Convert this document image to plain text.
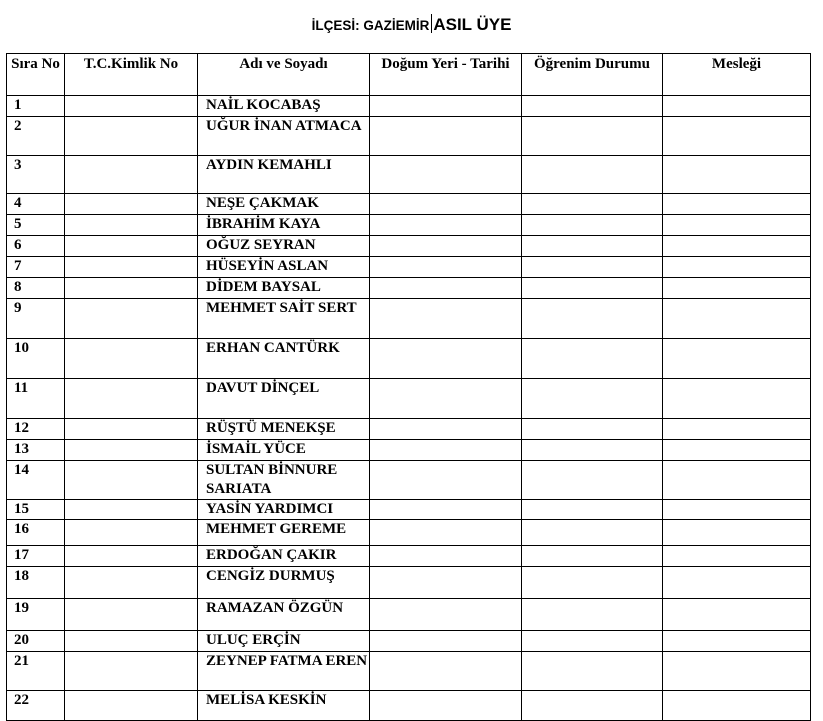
İLÇESİ: GAZİEMİR ASIL ÜYE
Sıra No	T.C.Kimlik No	Adı ve Soyadı	Doğum Yeri - Tarihi	Öğrenim Durumu	Mesleği
1		NAİL KOCABAŞ			
2		UĞUR İNAN ATMACA			
3		AYDIN KEMAHLI			
4		NEŞE ÇAKMAK			
5		İBRAHİM KAYA			
6		OĞUZ SEYRAN			
7		HÜSEYİN ASLAN			
8		DİDEM BAYSAL			
9		MEHMET SAİT SERT			
10		ERHAN CANTÜRK			
11		DAVUT DİNÇEL			
12		RÜŞTÜ MENEKŞE			
13		İSMAİL YÜCE			
14		SULTAN BİNNURE SARIATA			
15		YASİN YARDIMCI			
16		MEHMET GEREME			
17		ERDOĞAN ÇAKIR			
18		CENGİZ DURMUŞ			
19		RAMAZAN ÖZGÜN			
20		ULUÇ ERÇİN			
21		ZEYNEP FATMA EREN			
22		MELİSA KESKİN			
